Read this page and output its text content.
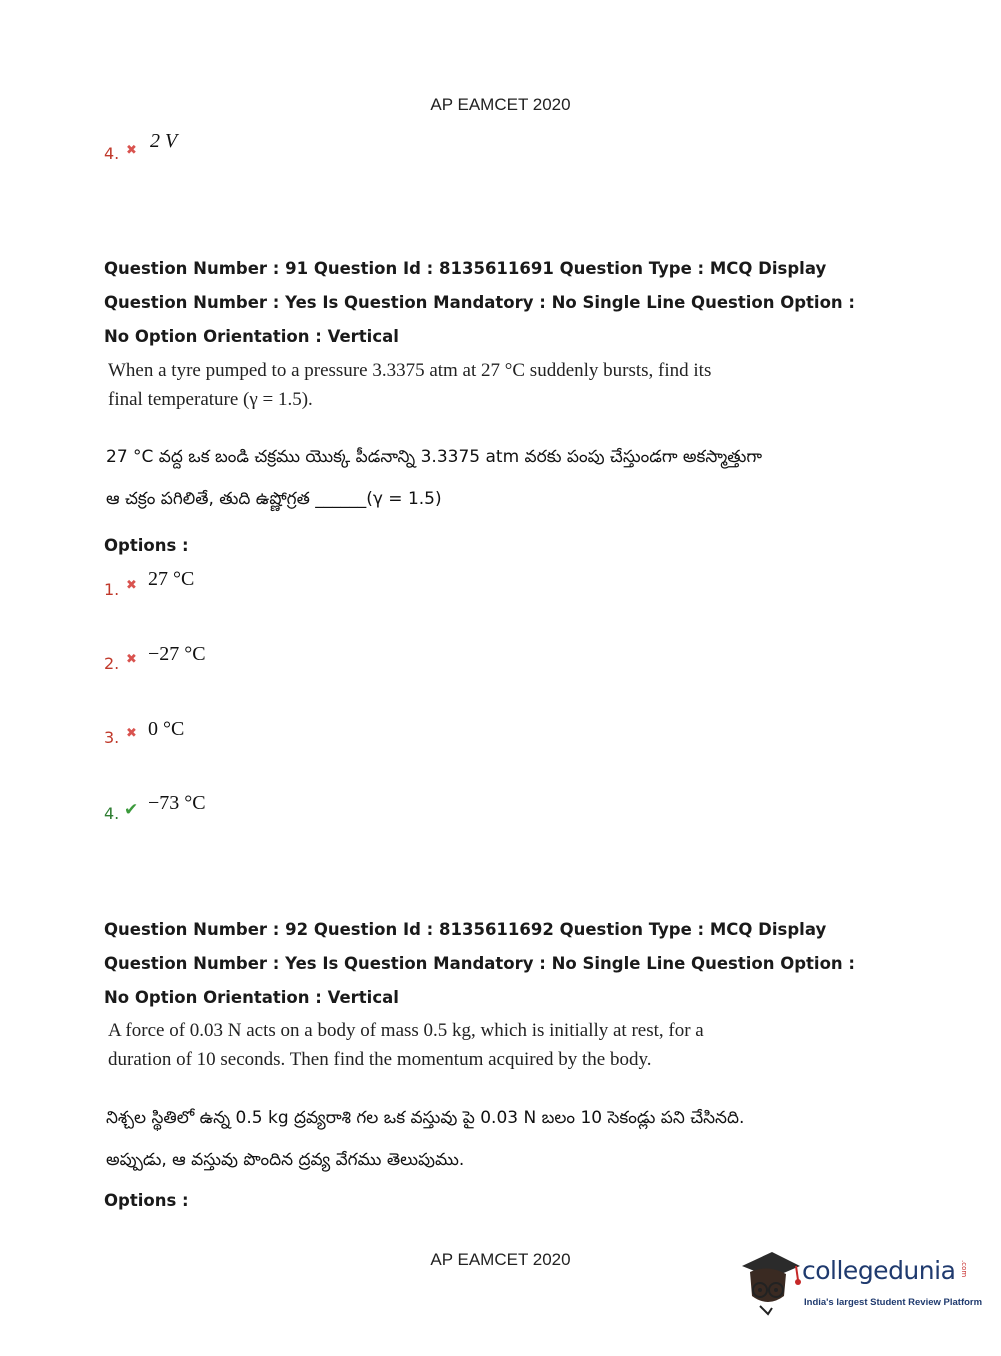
AP EAMCET 2020
4. ✖ 2 V
Question Number : 91 Question Id : 8135611691 Question Type : MCQ Display Question Number : Yes Is Question Mandatory : No Single Line Question Option : No Option Orientation : Vertical
When a tyre pumped to a pressure 3.3375 atm at 27 °C suddenly bursts, find its final temperature (γ = 1.5).
27 °C వద్ద ఒక బండి చక్రము యొక్క పీడనాన్ని 3.3375 atm వరకు పంపు చేస్తుండగా అకస్మాత్తుగా
ఆ చక్రం పగిలితే, తుది ఉష్ణోగ్రత ______(γ = 1.5)
Options :
1. ✖ 27 °C
2. ✖ −27 °C
3. ✖ 0 °C
4. ✔ −73 °C
Question Number : 92 Question Id : 8135611692 Question Type : MCQ Display Question Number : Yes Is Question Mandatory : No Single Line Question Option : No Option Orientation : Vertical
A force of 0.03 N acts on a body of mass 0.5 kg, which is initially at rest, for a duration of 10 seconds. Then find the momentum acquired by the body.
నిశ్చల స్థితిలో ఉన్న 0.5 kg ద్రవ్యరాశి గల ఒక వస్తువు పై 0.03 N బలం 10 సెకండ్లు పని చేసినది.
అప్పుడు, ఆ వస్తువు పొందిన ద్రవ్య వేగము తెలుపుము.
Options :
AP EAMCET 2020	collegedunia .com
India's largest Student Review Platform
